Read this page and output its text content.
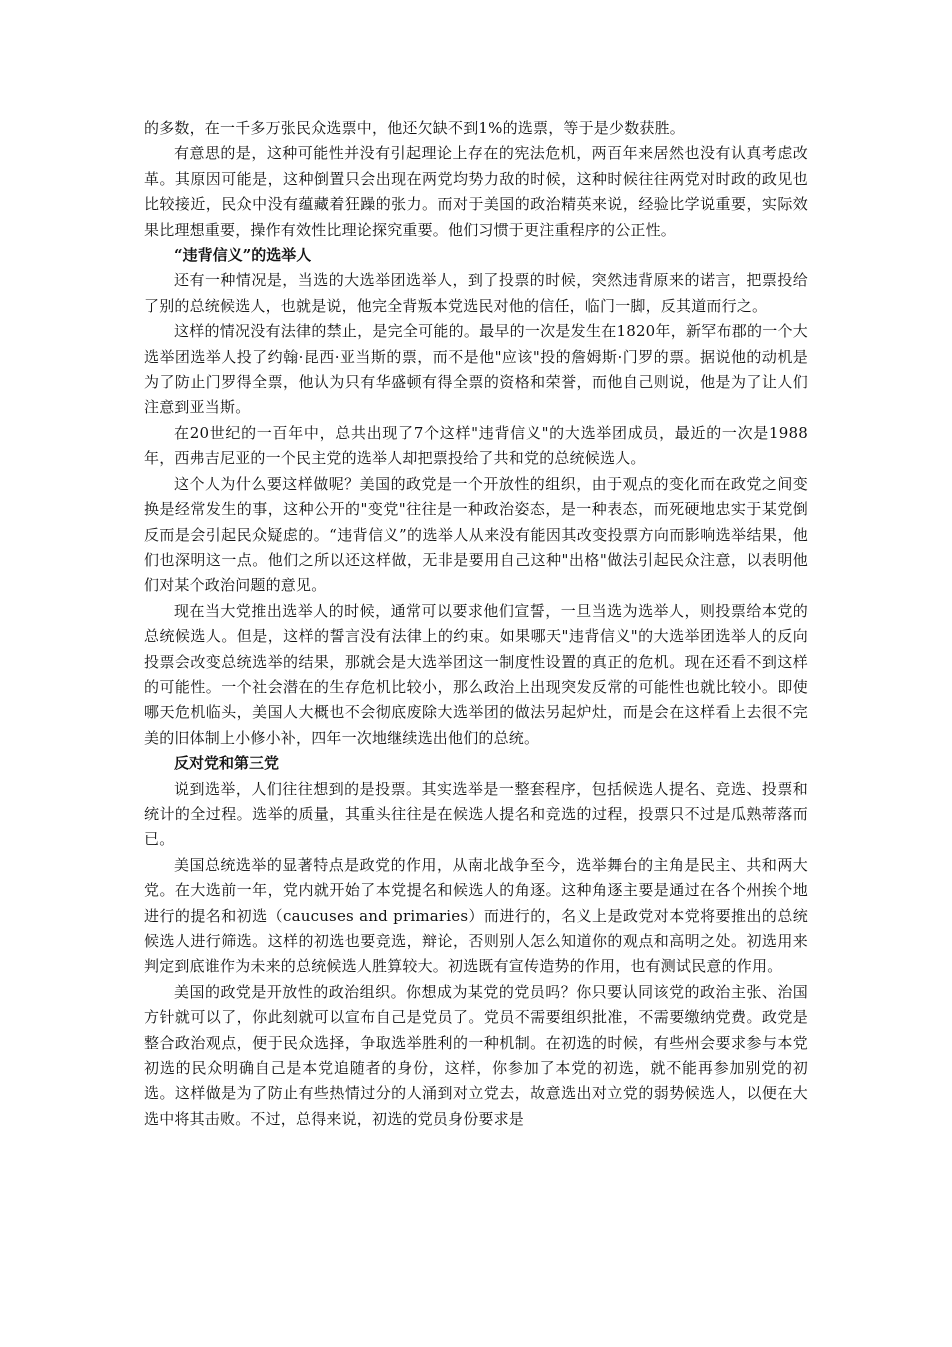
的多数，在一千多万张民众选票中，他还欠缺不到1%的选票，等于是少数获胜。

有意思的是，这种可能性并没有引起理论上存在的宪法危机，两百年来居然也没有认真考虑改革。其原因可能是，这种倒置只会出现在两党均势力敌的时候，这种时候往往两党对时政的政见也比较接近，民众中没有蕴藏着狂躁的张力。而对于美国的政治精英来说，经验比学说重要，实际效果比理想重要，操作有效性比理论探究重要。他们习惯于更注重程序的公正性。

“违背信义”的选举人

还有一种情况是，当选的大选举团选举人，到了投票的时候，突然违背原来的诺言，把票投给了别的总统候选人，也就是说，他完全背叛本党选民对他的信任，临门一脚，反其道而行之。

这样的情况没有法律的禁止，是完全可能的。最早的一次是发生在1820年，新罕布郡的一个大选举团选举人投了约翰·昆西·亚当斯的票，而不是他"应该"投的詹姆斯·门罗的票。据说他的动机是为了防止门罗得全票，他认为只有华盛顿有得全票的资格和荣誉，而他自己则说，他是为了让人们注意到亚当斯。

在20世纪的一百年中，总共出现了7个这样"违背信义"的大选举团成员，最近的一次是1988年，西弗吉尼亚的一个民主党的选举人却把票投给了共和党的总统候选人。

这个人为什么要这样做呢？美国的政党是一个开放性的组织，由于观点的变化而在政党之间变换是经常发生的事，这种公开的"变党"往往是一种政治姿态，是一种表态，而死硬地忠实于某党倒反而是会引起民众疑虑的。“违背信义”的选举人从来没有能因其改变投票方向而影响选举结果，他们也深明这一点。他们之所以还这样做，无非是要用自己这种"出格"做法引起民众注意，以表明他们对某个政治问题的意见。

现在当大党推出选举人的时候，通常可以要求他们宣誓，一旦当选为选举人，则投票给本党的总统候选人。但是，这样的誓言没有法律上的约束。如果哪天"违背信义"的大选举团选举人的反向投票会改变总统选举的结果，那就会是大选举团这一制度性设置的真正的危机。现在还看不到这样的可能性。一个社会潜在的生存危机比较小，那么政治上出现突发反常的可能性也就比较小。即使哪天危机临头，美国人大概也不会彻底废除大选举团的做法另起炉灶，而是会在这样看上去很不完美的旧体制上小修小补，四年一次地继续选出他们的总统。

反对党和第三党

说到选举，人们往往想到的是投票。其实选举是一整套程序，包括候选人提名、竞选、投票和统计的全过程。选举的质量，其重头往往是在候选人提名和竞选的过程，投票只不过是瓜熟蒂落而已。

美国总统选举的显著特点是政党的作用，从南北战争至今，选举舞台的主角是民主、共和两大党。在大选前一年，党内就开始了本党提名和候选人的角逐。这种角逐主要是通过在各个州挨个地进行的提名和初选（caucuses and primaries）而进行的，名义上是政党对本党将要推出的总统候选人进行筛选。这样的初选也要竞选，辩论，否则别人怎么知道你的观点和高明之处。初选用来判定到底谁作为未来的总统候选人胜算较大。初选既有宣传造势的作用，也有测试民意的作用。

美国的政党是开放性的政治组织。你想成为某党的党员吗？你只要认同该党的政治主张、治国方针就可以了，你此刻就可以宣布自己是党员了。党员不需要组织批准，不需要缴纳党费。政党是整合政治观点，便于民众选择，争取选举胜利的一种机制。在初选的时候，有些州会要求参与本党初选的民众明确自己是本党追随者的身份，这样，你参加了本党的初选，就不能再参加别党的初选。这样做是为了防止有些热情过分的人涌到对立党去，故意选出对立党的弱势候选人，以便在大选中将其击败。不过，总得来说，初选的党员身份要求是
